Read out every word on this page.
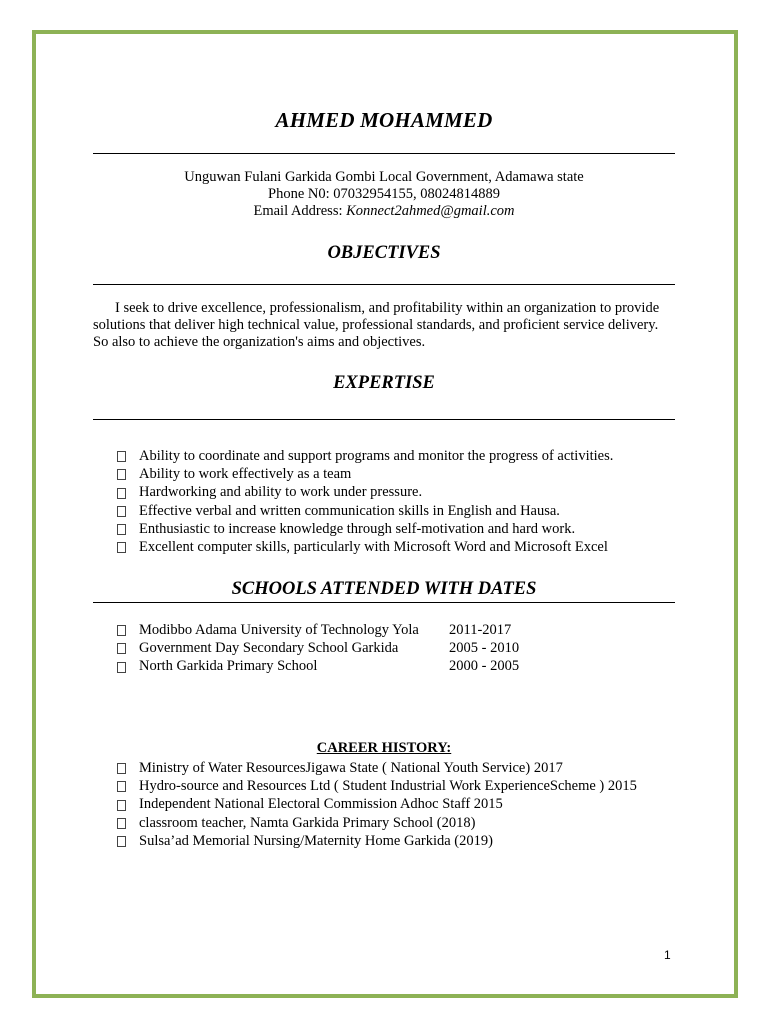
AHMED MOHAMMED
Unguwan Fulani Garkida Gombi Local Government, Adamawa state
Phone N0: 07032954155, 08024814889
Email Address: Konnect2ahmed@gmail.com
OBJECTIVES
I seek to drive excellence, professionalism, and profitability within an organization to provide solutions that deliver high technical value, professional standards, and proficient service delivery. So also to achieve the organization's aims and objectives.
EXPERTISE
Ability to coordinate and support programs and monitor the progress of activities.
Ability to work effectively as a team
Hardworking and ability to work under pressure.
Effective verbal and written communication skills in English and Hausa.
Enthusiastic to increase knowledge through self-motivation and hard work.
Excellent computer skills, particularly with Microsoft Word and Microsoft Excel
SCHOOLS ATTENDED WITH DATES
Modibbo Adama University of Technology Yola 2011-2017
Government Day Secondary School Garkida	2005 - 2010
North Garkida Primary School	2000 - 2005
CAREER HISTORY:
Ministry of Water ResourcesJigawa State ( National Youth Service) 2017
Hydro-source and Resources Ltd ( Student Industrial Work ExperienceScheme ) 2015
Independent National Electoral Commission Adhoc Staff 2015
classroom teacher, Namta Garkida Primary School (2018)
Sulsa’ad Memorial Nursing/Maternity Home Garkida (2019)
1
